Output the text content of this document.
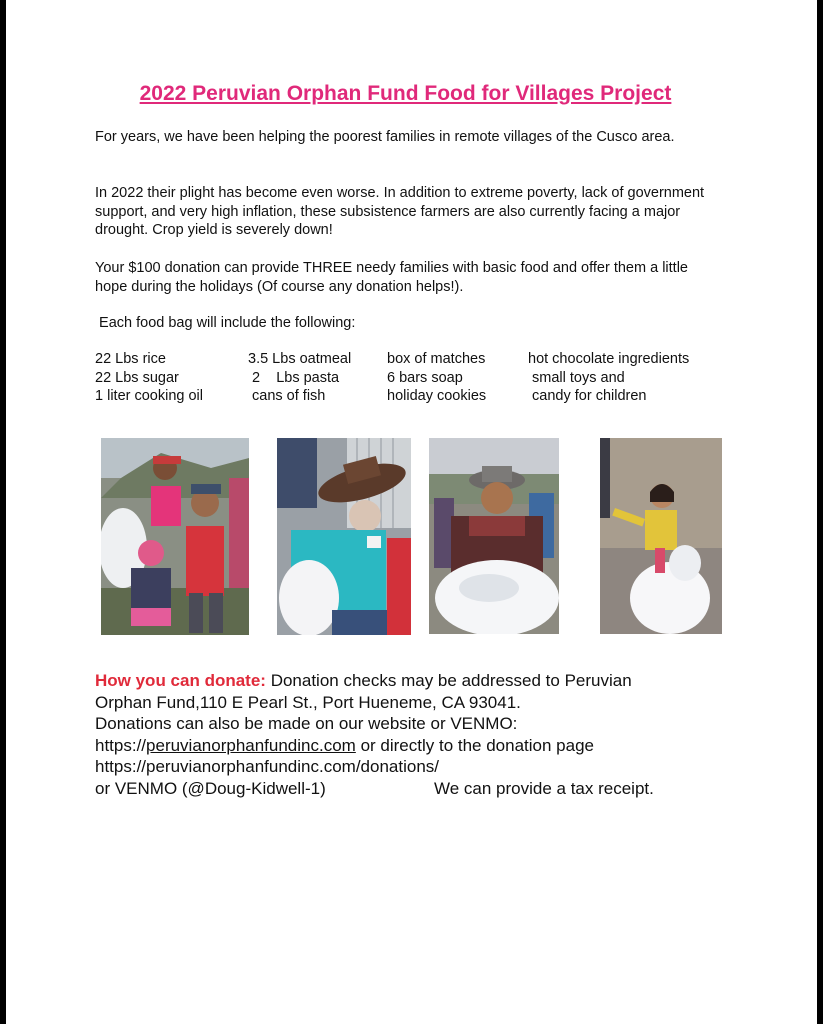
2022 Peruvian Orphan Fund Food for Villages Project
For years, we have been helping the poorest families in remote villages of the Cusco area.
In 2022 their plight has become even worse. In addition to extreme poverty, lack of government support, and very high inflation, these subsistence farmers are also currently facing a major drought. Crop yield is severely down!
Your $100 donation can provide THREE needy families with basic food and offer them a little hope during the holidays (Of course any donation helps!).
Each food bag will include the following:
22 Lbs rice
22 Lbs sugar
1 liter cooking oil
3.5 Lbs oatmeal
2    Lbs pasta
cans of fish
box of matches
6 bars soap
holiday cookies
hot chocolate ingredients
small toys and
candy for children
How you can donate: Donation checks may be addressed to Peruvian
Orphan Fund,110 E Pearl St., Port Hueneme, CA 93041.
Donations can also be made on our website or VENMO:
https://peruvianorphanfundinc.com or directly to the donation page
https://peruvianorphanfundinc.com/donations/
or VENMO (@Doug-Kidwell-1)	We can provide a tax receipt.
